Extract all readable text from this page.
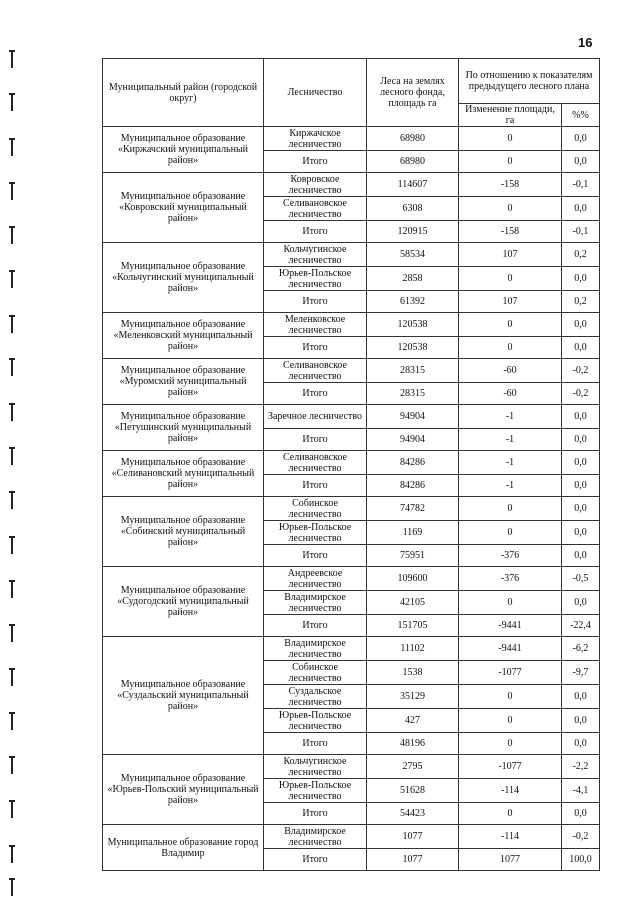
16
Муниципальный район (городской округ)	Лесничество	Леса на землях лесного фонда, площадь га	По отношению к показателям предыдущего лесного плана	
			Изменение площади, га	%%
Муниципальное образование «Киржачский муниципальный район»	Киржачское лесничество	68980	0	0,0
	Итого	68980	0	0,0
Муниципальное образование «Ковровский муниципальный район»	Ковровское лесничество	114607	-158	-0,1
	Селивановское лесничество	6308	0	0,0
	Итого	120915	-158	-0,1
Муниципальное образование «Кольчугинский муниципальный район»	Кольчугинское лесничество	58534	107	0,2
	Юрьев-Польское лесничество	2858	0	0,0
	Итого	61392	107	0,2
Муниципальное образование «Меленковский муниципальный район»	Меленковское лесничество	120538	0	0,0
	Итого	120538	0	0,0
Муниципальное образование «Муромский муниципальный район»	Селивановское лесничество	28315	-60	-0,2
	Итого	28315	-60	-0,2
Муниципальное образование «Петушинский муниципальный район»	Заречное лесничество	94904	-1	0,0
	Итого	94904	-1	0,0
Муниципальное образование «Селивановский муниципальный район»	Селивановское лесничество	84286	-1	0,0
	Итого	84286	-1	0,0
Муниципальное образование «Собинский муниципальный район»	Собинское лесничество	74782	0	0,0
	Юрьев-Польское лесничество	1169	0	0,0
	Итого	75951	-376	0,0
Муниципальное образование «Судогодский муниципальный район»	Андреевское лесничество	109600	-376	-0,5
	Владимирское лесничество	42105	0	0,0
	Итого	151705	-9441	-22,4
Муниципальное образование «Суздальский муниципальный район»	Владимирское лесничество	11102	-9441	-6,2
	Собинское лесничество	1538	-1077	-9,7
	Суздальское лесничество	35129	0	0,0
	Юрьев-Польское лесничество	427	0	0,0
	Итого	48196	0	0,0
Муниципальное образование «Юрьев-Польский муниципальный район»	Кольчугинское лесничество	2795	-1077	-2,2
	Юрьев-Польское лесничество	51628	-114	-4,1
	Итого	54423	0	0,0
Муниципальное образование город Владимир	Владимирское лесничество	1077	-114	-0,2
	Итого	1077	1077	100,0
